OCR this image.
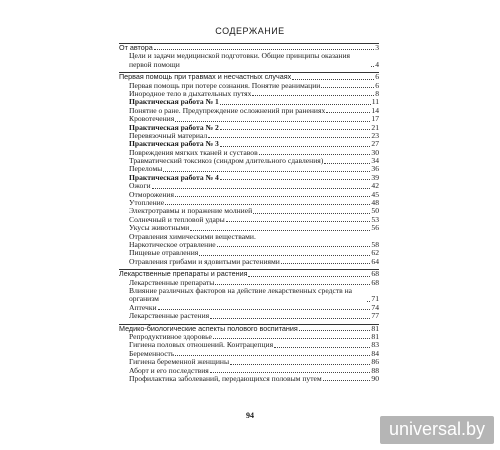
СОДЕРЖАНИЕ
От автора	3
Цели и задачи медицинской подготовки. Общие принципы оказания первой помощи	4
Первая помощь при травмах и несчастных случаях	6
Первая помощь при потере сознания. Понятие реанимации	6
Инородное тело в дыхательных путях	8
Практическая работа № 1	11
Понятие о ране. Предупреждение осложнений при ранениях	14
Кровотечения	17
Практическая работа № 2	21
Перевязочный материал	23
Практическая работа № 3	27
Повреждения мягких тканей и суставов	30
Травматический токсикоз (синдром длительного сдавления)	34
Переломы	36
Практическая работа № 4	39
Ожоги	42
Отморожения	45
Утопление	48
Электротравмы и поражение молнией	50
Солнечный и тепловой удары	53
Укусы животными	56
Отравления химическими веществами.
Наркотическое отравление	58
Пищевые отравления	62
Отравления грибами и ядовитыми растениями	64
Лекарственные препараты и растения	68
Лекарственные препараты	68
Влияние различных факторов на действие лекарственных средств на организм	71
Аптечки	74
Лекарственные растения	77
Медико-биологические аспекты полового воспитания	81
Репродуктивное здоровье	81
Гигиена половых отношений. Контрацепция	83
Беременность	84
Гигиена беременной женщины	86
Аборт и его последствия	88
Профилактика заболеваний, передающихся половым путем	90
94
universal.by
